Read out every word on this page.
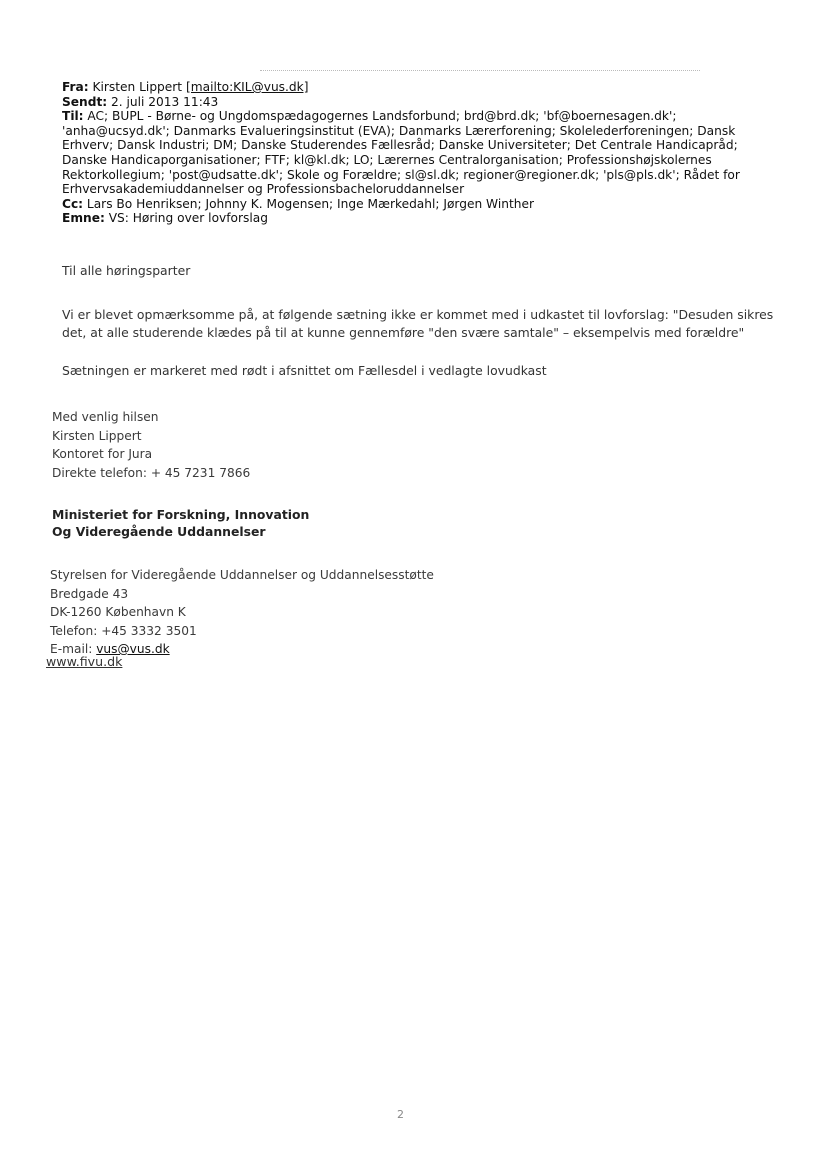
Fra: Kirsten Lippert [mailto:KIL@vus.dk]

Sendt: 2. juli 2013 11:43

Til: AC; BUPL - Børne- og Ungdomspædagogernes Landsforbund; brd@brd.dk; 'bf@boernesagen.dk';
'anha@ucsyd.dk'; Danmarks Evalueringsinstitut (EVA); Danmarks Lærerforening; Skolelederforeningen; Dansk
Erhverv; Dansk Industri; DM; Danske Studerendes Fællesråd; Danske Universiteter; Det Centrale Handicapråd;
Danske Handicaporganisationer; FTF; kl@kl.dk; LO; Lærernes Centralorganisation; Professionshøjskolernes
Rektorkollegium; 'post@udsatte.dk'; Skole og Forældre; sl@sl.dk; regioner@regioner.dk; 'pls@pls.dk'; Rådet for
Erhvervsakademiuddannelser og Professionsbacheloruddannelser

Cc: Lars Bo Henriksen; Johnny K. Mogensen; Inge Mærkedahl; Jørgen Winther

Emne: VS: Høring over lovforslag

Til alle høringsparter
Vi er blevet opmærksomme på, at følgende sætning ikke er kommet med i udkastet til lovforslag: "Desuden sikres
det, at alle studerende klædes på til at kunne gennemføre "den svære samtale" – eksempelvis med forældre"
Sætningen er markeret med rødt i afsnittet om Fællesdel i vedlagte lovudkast
Med venlig hilsen
Kirsten Lippert
Kontoret for Jura
Direkte telefon: + 45 7231 7866
Ministeriet for Forskning, Innovation
Og Videregående Uddannelser
Styrelsen for Videregående Uddannelser og Uddannelsesstøtte
Bredgade 43
DK-1260 København K
Telefon: +45 3332 3501
E-mail: vus@vus.dk
www.fivu.dk
2
